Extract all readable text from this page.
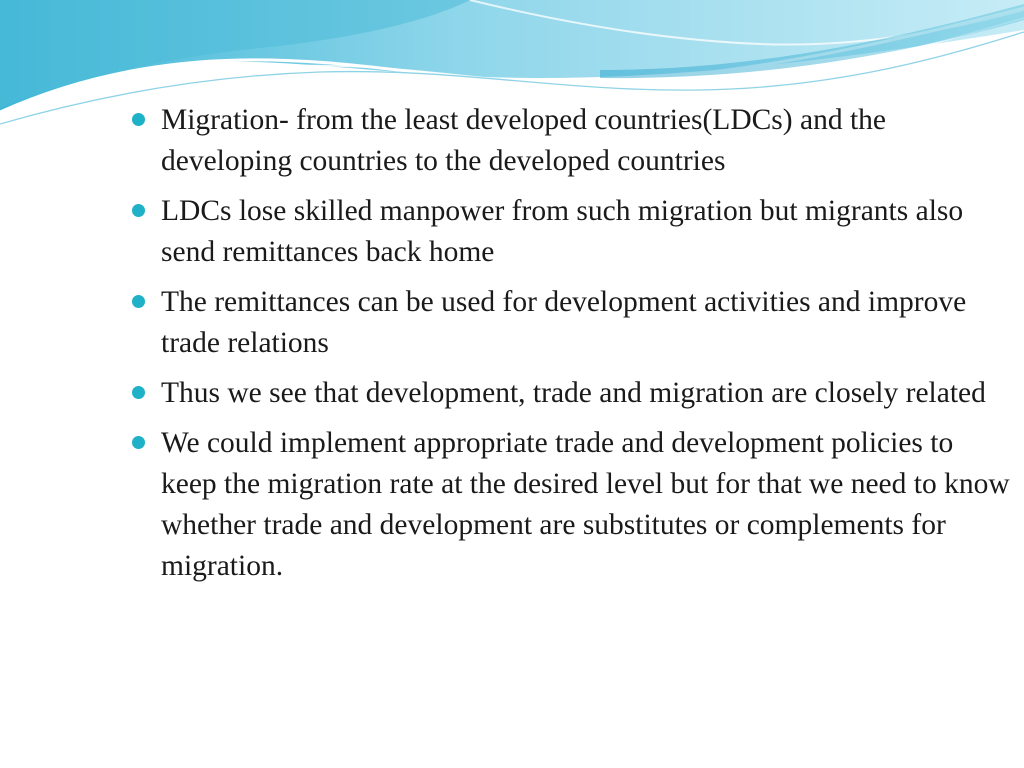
Migration- from the least developed countries(LDCs) and the developing countries to the developed countries
LDCs lose skilled manpower from such migration but migrants also send remittances back home
The remittances can be used for development activities and improve trade relations
Thus we see that development, trade and migration are closely related
We could implement appropriate trade and development policies to keep the migration rate at the desired level but for that we need to know whether trade and development are substitutes or complements for migration.
